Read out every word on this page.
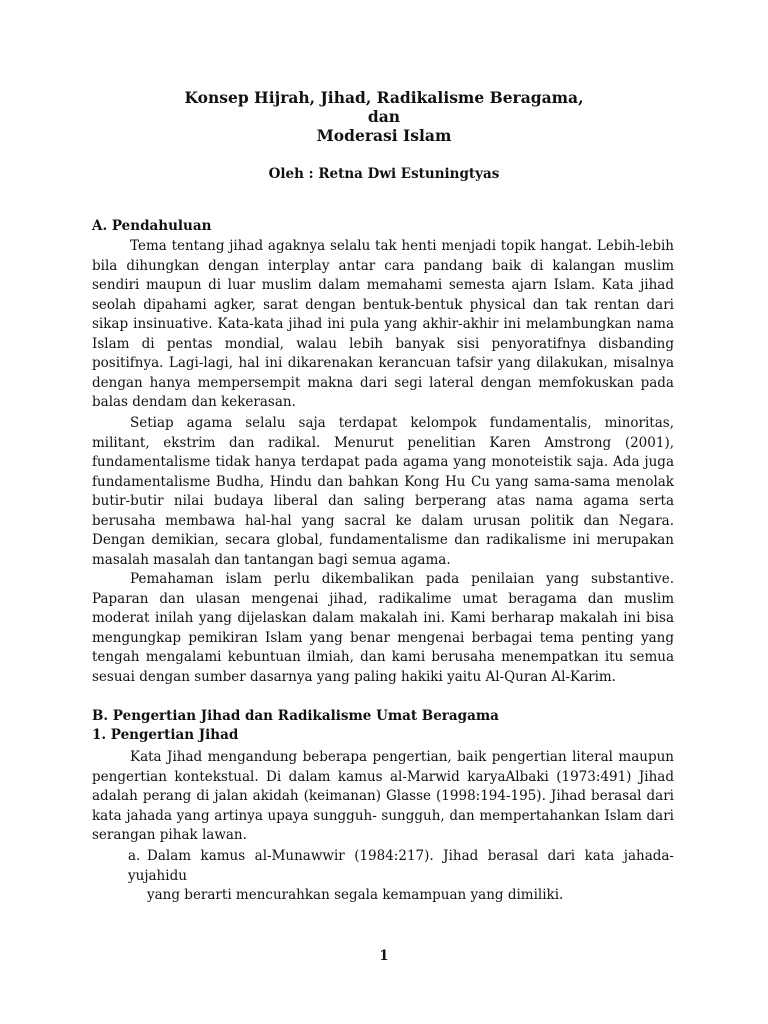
Konsep Hijrah, Jihad, Radikalisme Beragama,
dan
Moderasi Islam
Oleh : Retna Dwi Estuningtyas
A. Pendahuluan

Tema tentang jihad agaknya selalu tak henti menjadi topik hangat. Lebih-lebih bila dihungkan dengan interplay antar cara pandang baik di kalangan muslim sendiri maupun di luar muslim dalam memahami semesta ajarn Islam. Kata jihad seolah dipahami agker, sarat dengan bentuk-bentuk physical dan tak rentan dari sikap insinuative. Kata-kata jihad ini pula yang akhir-akhir ini melambungkan nama Islam di pentas mondial, walau lebih banyak sisi penyoratifnya disbanding positifnya. Lagi-lagi, hal ini dikarenakan kerancuan tafsir yang dilakukan, misalnya dengan hanya mempersempit makna dari segi lateral dengan memfokuskan pada balas dendam dan kekerasan.

Setiap agama selalu saja terdapat kelompok fundamentalis, minoritas, militant, ekstrim dan radikal. Menurut penelitian Karen Amstrong (2001), fundamentalisme tidak hanya terdapat pada agama yang monoteistik saja. Ada juga fundamentalisme Budha, Hindu dan bahkan Kong Hu Cu yang sama-sama menolak butir-butir nilai budaya liberal dan saling berperang atas nama agama serta berusaha membawa hal-hal yang sacral ke dalam urusan politik dan Negara. Dengan demikian, secara global, fundamentalisme dan radikalisme ini merupakan masalah masalah dan tantangan bagi semua agama.

Pemahaman islam perlu dikembalikan pada penilaian yang substantive. Paparan dan ulasan mengenai jihad, radikalime umat beragama dan muslim moderat inilah yang dijelaskan dalam makalah ini. Kami berharap makalah ini bisa mengungkap pemikiran Islam yang benar mengenai berbagai tema penting yang tengah mengalami kebuntuan ilmiah, dan kami berusaha menempatkan itu semua sesuai dengan sumber dasarnya yang paling hakiki yaitu Al-Quran Al-Karim.

B. Pengertian Jihad dan Radikalisme Umat Beragama
1. Pengertian Jihad

Kata Jihad mengandung beberapa pengertian, baik pengertian literal maupun pengertian kontekstual. Di dalam kamus al-Marwid karyaAlbaki (1973:491) Jihad adalah perang di jalan akidah (keimanan) Glasse (1998:194-195). Jihad berasal dari kata jahada yang artinya upaya sungguh- sungguh, dan mempertahankan Islam dari serangan pihak lawan.

a. Dalam kamus al-Munawwir (1984:217). Jihad berasal dari kata jahada-yujahidu
yang berarti mencurahkan segala kemampuan yang dimiliki.
1
